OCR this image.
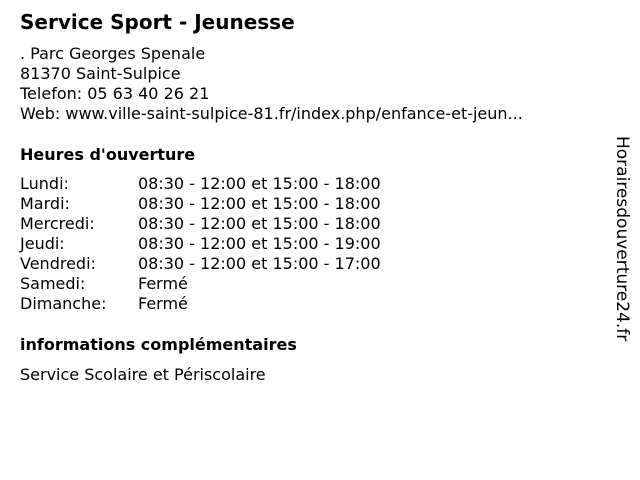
Service Sport - Jeunesse
. Parc Georges Spenale
81370 Saint-Sulpice
Telefon: 05 63 40 26 21
Web: www.ville-saint-sulpice-81.fr/index.php/enfance-et-jeun...
Heures d'ouverture
Lundi:	08:30 - 12:00 et 15:00 - 18:00
Mardi:	08:30 - 12:00 et 15:00 - 18:00
Mercredi:	08:30 - 12:00 et 15:00 - 18:00
Jeudi:	08:30 - 12:00 et 15:00 - 19:00
Vendredi:	08:30 - 12:00 et 15:00 - 17:00
Samedi:	Fermé
Dimanche: Fermé
informations complémentaires
Service Scolaire et Périscolaire
Horairesdouverture24.fr
